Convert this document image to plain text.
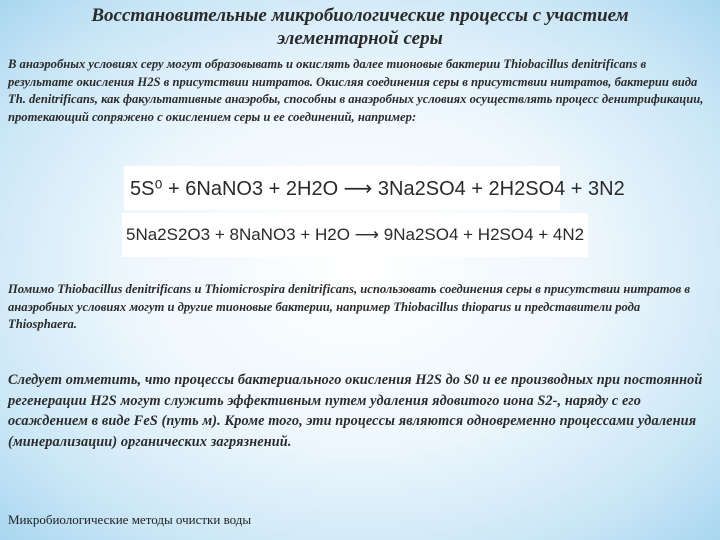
Восстановительные микробиологические процессы с участием
элементарной серы
В анаэробных условиях серу могут образовывать и окислять далее тионовые бактерии Thiobacillus denitrificans в результате окисления H2S в присутствии нитратов. Окисляя соединения серы в присутствии нитратов, бактерии вида Th. denitrificans, как факультативные анаэробы, способны в анаэробных условиях осуществлять процесс денитрификации, протекающий сопряжено с окислением серы и ее соединений, например:
5S⁰ + 6NaNO3 + 2H2O ⟶ 3Na2SO4 + 2H2SO4 + 3N2
5Na2S2O3 + 8NaNO3 + H2O ⟶ 9Na2SO4 + H2SO4 + 4N2
Помимо Thiobacillus denitrificans и Thiomicrospira denitrificans, использовать соединения серы в присутствии нитратов в анаэробных условиях могут и другие тионовые бактерии, например Thiobacillus thioparus и представители рода Thiosphaera.
Следует отметить, что процессы бактериального окисления H2S до S0 и ее производных при постоянной регенерации H2S могут служить эффективным путем удаления ядовитого иона S2-, наряду с его осаждением в виде FeS (путь м). Кроме того, эти процессы являются одновременно процессами удаления (минерализации) органических загрязнений.
Микробиологические методы очистки воды
